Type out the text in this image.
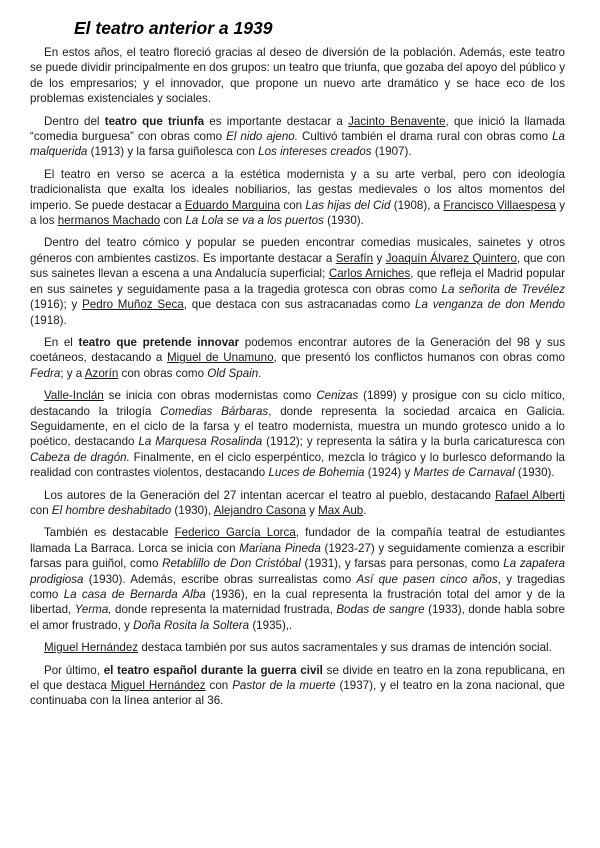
El teatro anterior a 1939

En estos años, el teatro floreció gracias al deseo de diversión de la población. Además, este teatro se puede dividir principalmente en dos grupos: un teatro que triunfa, que gozaba del apoyo del público y de los empresarios; y el innovador, que propone un nuevo arte dramático y se hace eco de los problemas existenciales y sociales.

Dentro del teatro que triunfa es importante destacar a Jacinto Benavente, que inició la llamada “comedia burguesa” con obras como El nido ajeno. Cultivó también el drama rural con obras como La malquerida (1913) y la farsa guiñolesca con Los intereses creados (1907).

El teatro en verso se acerca a la estética modernista y a su arte verbal, pero con ideología tradicionalista que exalta los ideales nobiliarios, las gestas medievales o los altos momentos del imperio. Se puede destacar a Eduardo Marquina con Las hijas del Cid (1908), a Francisco Villaespesa y a los hermanos Machado con La Lola se va a los puertos (1930).

Dentro del teatro cómico y popular se pueden encontrar comedias musicales, sainetes y otros géneros con ambientes castizos. Es importante destacar a Serafín y Joaquín Álvarez Quintero, que con sus sainetes llevan a escena a una Andalucía superficial; Carlos Arniches, que refleja el Madrid popular en sus sainetes y seguidamente pasa a la tragedia grotesca con obras como La señorita de Trevélez (1916); y Pedro Muñoz Seca, que destaca con sus astracanadas como La venganza de don Mendo (1918).

En el teatro que pretende innovar podemos encontrar autores de la Generación del 98 y sus coetáneos, destacando a Miguel de Unamuno, que presentó los conflictos humanos con obras como Fedra; y a Azorín con obras como Old Spain.

Valle-Inclán se inicia con obras modernistas como Cenizas (1899) y prosigue con su ciclo mítico, destacando la trilogía Comedias Bárbaras, donde representa la sociedad arcaica en Galicia. Seguidamente, en el ciclo de la farsa y el teatro modernista, muestra un mundo grotesco unido a lo poético, destacando La Marquesa Rosalinda (1912); y representa la sátira y la burla caricaturesca con Cabeza de dragón. Finalmente, en el ciclo esperpéntico, mezcla lo trágico y lo burlesco deformando la realidad con contrastes violentos, destacando Luces de Bohemia (1924) y Martes de Carnaval (1930).

Los autores de la Generación del 27 intentan acercar el teatro al pueblo, destacando Rafael Alberti con El hombre deshabitado (1930), Alejandro Casona y Max Aub.

También es destacable Federico García Lorca, fundador de la compañía teatral de estudiantes llamada La Barraca. Lorca se inicia con Mariana Pineda (1923-27) y seguidamente comienza a escribir farsas para guiñol, como Retablillo de Don Cristóbal (1931), y farsas para personas, como La zapatera prodigiosa (1930). Además, escribe obras surrealistas como Así que pasen cinco años, y tragedias como La casa de Bernarda Alba (1936), en la cual representa la frustración total del amor y de la libertad, Yerma, donde representa la maternidad frustrada, Bodas de sangre (1933), donde habla sobre el amor frustrado, y Doña Rosita la Soltera (1935),.

Miguel Hernández destaca también por sus autos sacramentales y sus dramas de intención social.

Por último, el teatro español durante la guerra civil se divide en teatro en la zona republicana, en el que destaca Miguel Hernández con Pastor de la muerte (1937), y el teatro en la zona nacional, que continuaba con la línea anterior al 36.
